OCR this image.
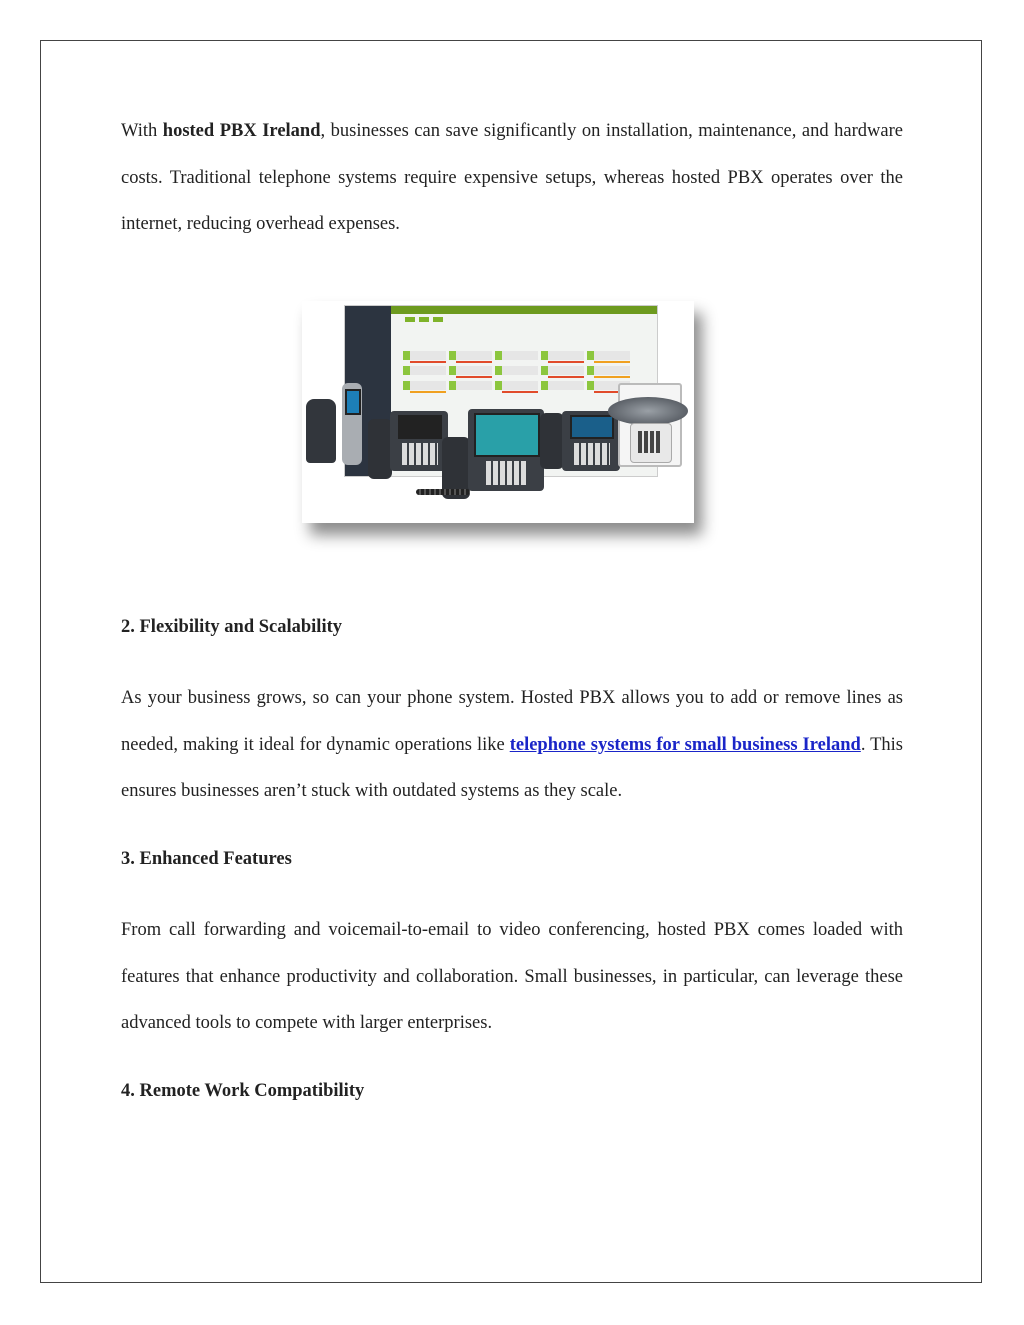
With hosted PBX Ireland, businesses can save significantly on installation, maintenance, and hardware costs. Traditional telephone systems require expensive setups, whereas hosted PBX operates over the internet, reducing overhead expenses.

2. Flexibility and Scalability

As your business grows, so can your phone system. Hosted PBX allows you to add or remove lines as needed, making it ideal for dynamic operations like telephone systems for small business Ireland. This ensures businesses aren’t stuck with outdated systems as they scale.

3. Enhanced Features

From call forwarding and voicemail-to-email to video conferencing, hosted PBX comes loaded with features that enhance productivity and collaboration. Small businesses, in particular, can leverage these advanced tools to compete with larger enterprises.

4. Remote Work Compatibility
